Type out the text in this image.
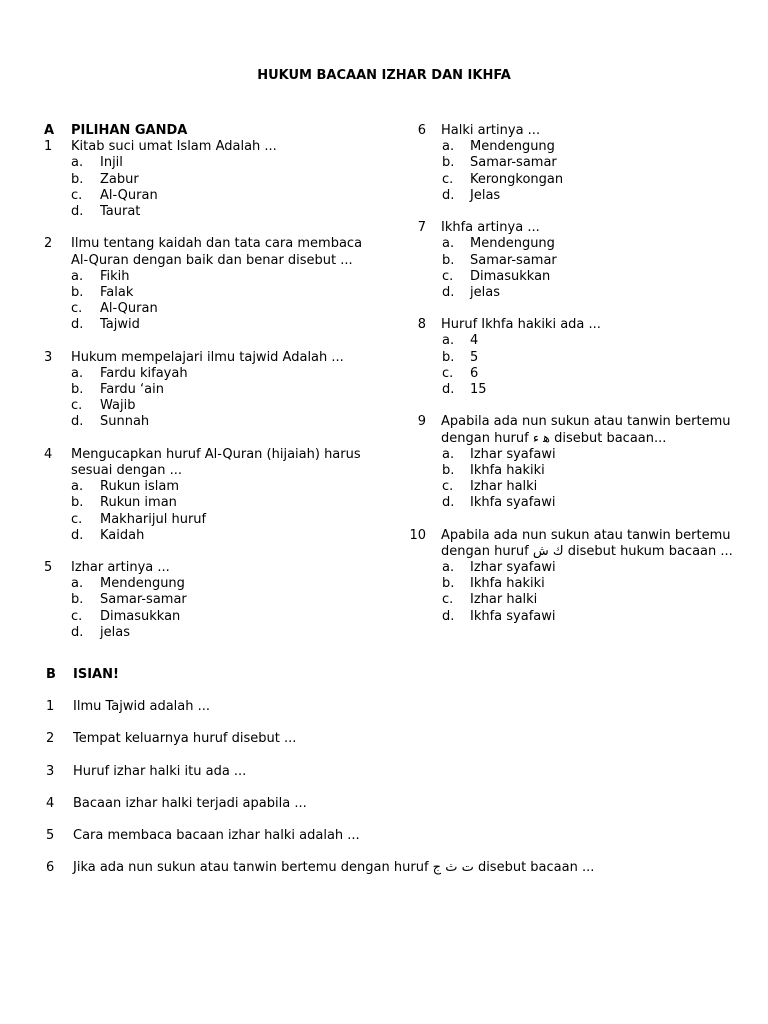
HUKUM BACAAN IZHAR DAN IKHFA
A PILIHAN GANDA
1 Kitab suci umat Islam Adalah ...
a. Injil
b. Zabur
c. Al-Quran
d. Taurat
2 Ilmu tentang kaidah dan tata cara membaca
Al-Quran dengan baik dan benar disebut ...
a. Fikih
b. Falak
c. Al-Quran
d. Tajwid
3 Hukum mempelajari ilmu tajwid Adalah ...
a. Fardu kifayah
b. Fardu ‘ain
c. Wajib
d. Sunnah
4 Mengucapkan huruf Al-Quran (hijaiah) harus
sesuai dengan ...
a. Rukun islam
b. Rukun iman
c. Makharijul huruf
d. Kaidah
5 Izhar artinya ...
a. Mendengung
b. Samar-samar
c. Dimasukkan
d. jelas
6 Halki artinya ...
a. Mendengung
b. Samar-samar
c. Kerongkongan
d. Jelas
7 Ikhfa artinya ...
a. Mendengung
b. Samar-samar
c. Dimasukkan
d. jelas
8 Huruf Ikhfa hakiki ada ...
a. 4
b. 5
c. 6
d. 15
9 Apabila ada nun sukun atau tanwin bertemu
dengan huruf ﻫ ء disebut bacaan...
a. Izhar syafawi
b. Ikhfa hakiki
c. Izhar halki
d. Ikhfa syafawi
10 Apabila ada nun sukun atau tanwin bertemu
dengan huruf ك ش disebut hukum bacaan ...
a. Izhar syafawi
b. Ikhfa hakiki
c. Izhar halki
d. Ikhfa syafawi
B ISIAN!
1 Ilmu Tajwid adalah ...
2 Tempat keluarnya huruf disebut ...
3 Huruf izhar halki itu ada ...
4 Bacaan izhar halki terjadi apabila ...
5 Cara membaca bacaan izhar halki adalah ...
6 Jika ada nun sukun atau tanwin bertemu dengan huruf ت ث ج disebut bacaan ...
